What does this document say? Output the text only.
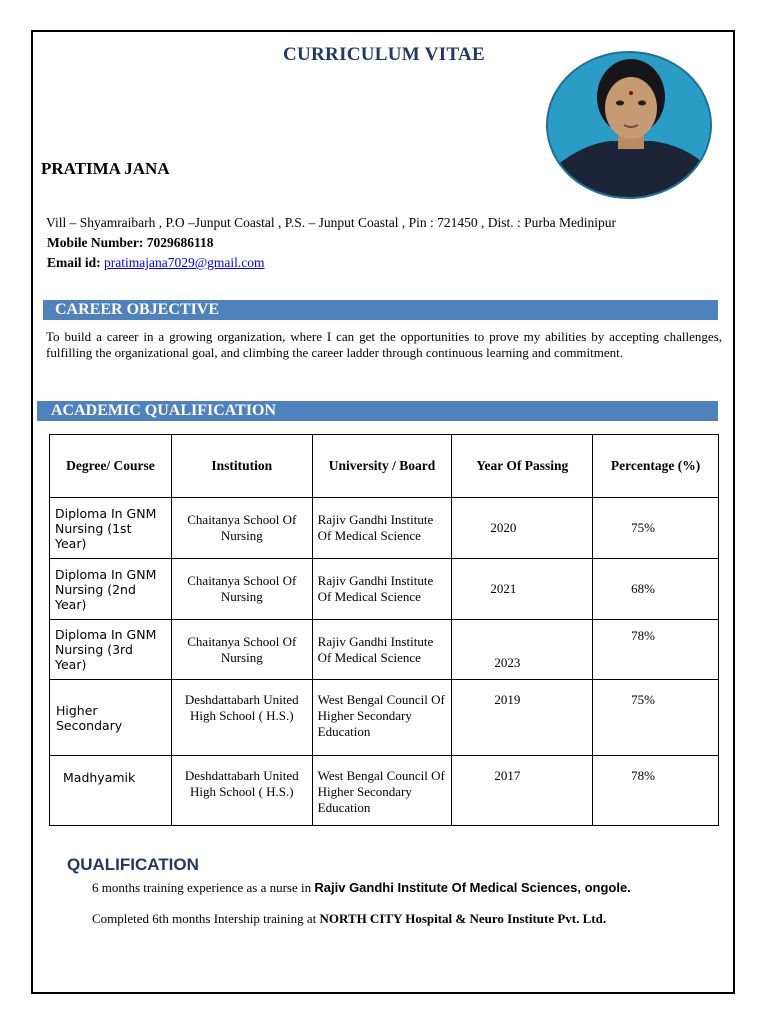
CURRICULUM VITAE
PRATIMA JANA
Vill – Shyamraibarh , P.O –Junput Coastal , P.S. – Junput Coastal , Pin : 721450 , Dist. : Purba Medinipur
Mobile Number: 7029686118
Email id: pratimajana7029@gmail.com
CAREER OBJECTIVE
To build a career in a growing organization, where I can get the opportunities to prove my abilities by accepting challenges, fulfilling the organizational goal, and climbing the career ladder through continuous learning and commitment.
ACADEMIC QUALIFICATION
Degree/ Course	Institution	University / Board	Year Of Passing	Percentage (%)
Diploma In GNM Nursing (1st Year)	Chaitanya School Of Nursing	Rajiv Gandhi Institute Of Medical Science	2020	75%
Diploma In GNM Nursing (2nd Year)	Chaitanya School Of Nursing	Rajiv Gandhi Institute Of Medical Science	2021	68%
Diploma In GNM Nursing (3rd Year)	Chaitanya School Of Nursing	Rajiv Gandhi Institute Of Medical Science	2023	78%
Higher Secondary	Deshdattabarh United High School ( H.S.)	West Bengal Council Of Higher Secondary Education	2019	75%
Madhyamik	Deshdattabarh United High School ( H.S.)	West Bengal Council Of Higher Secondary Education	2017	78%
QUALIFICATION
6 months training experience as a nurse in Rajiv Gandhi Institute Of Medical Sciences, ongole.
Completed 6th months Intership training at NORTH CITY Hospital & Neuro Institute Pvt. Ltd.
